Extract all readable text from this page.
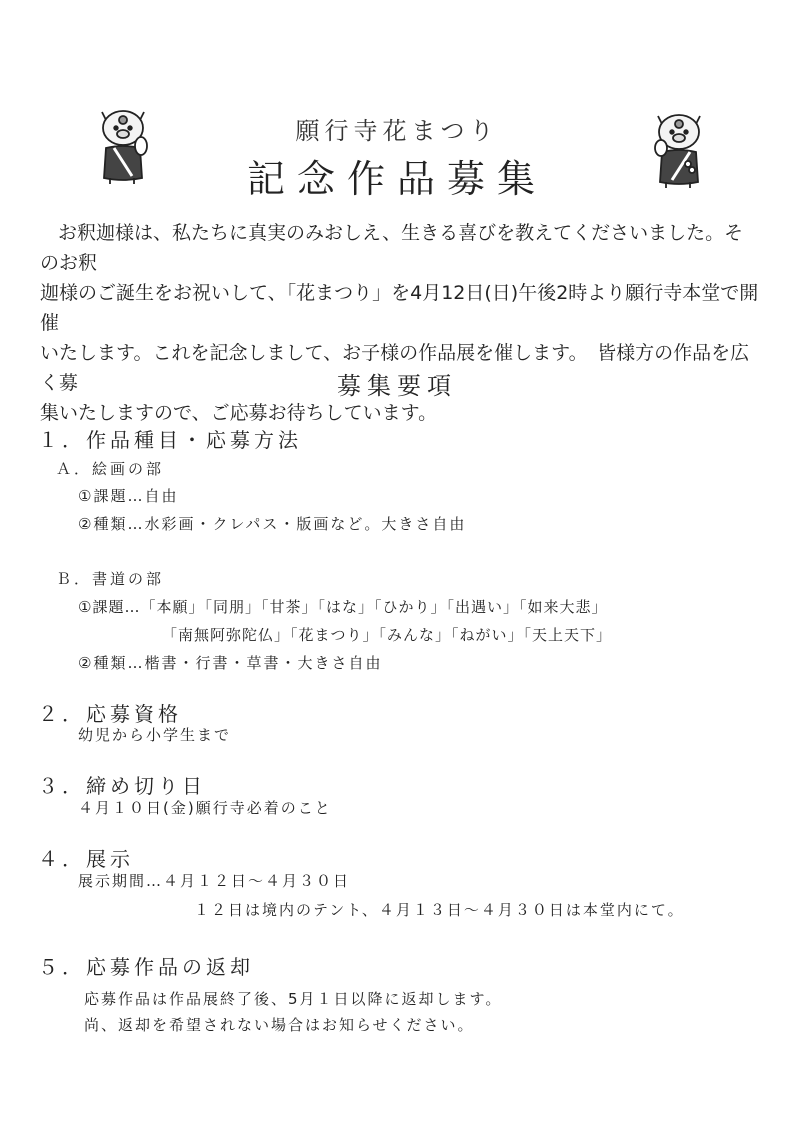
願行寺花まつり
記念作品募集

お釈迦様は、私たちに真実のみおしえ、生きる喜びを教えてくださいました。そのお釈

迦様のご誕生をお祝いして、「花まつり」を4月12日(日)午後2時より願行寺本堂で開催

いたします。これを記念しまして、お子様の作品展を催します。　皆様方の作品を広く募

集いたしますので、ご応募お待ちしています。

募集要項
１．作品種目・応募方法
Ａ．絵画の部
①課題…自由
②種類…水彩画・クレパス・版画など。大きさ自由
Ｂ．書道の部
①課題…「本願」「同朋」「甘茶」「はな」「ひかり」「出遇い」「如来大悲」
「南無阿弥陀仏」「花まつり」「みんな」「ねがい」「天上天下」
②種類…楷書・行書・草書・大きさ自由
２．応募資格
幼児から小学生まで
３．締め切り日
４月１０日(金)願行寺必着のこと
４．展示
展示期間…４月１２日～４月３０日
１２日は境内のテント、４月１３日～４月３０日は本堂内にて。
５．応募作品の返却
応募作品は作品展終了後、5月１日以降に返却します。
尚、返却を希望されない場合はお知らせください。
